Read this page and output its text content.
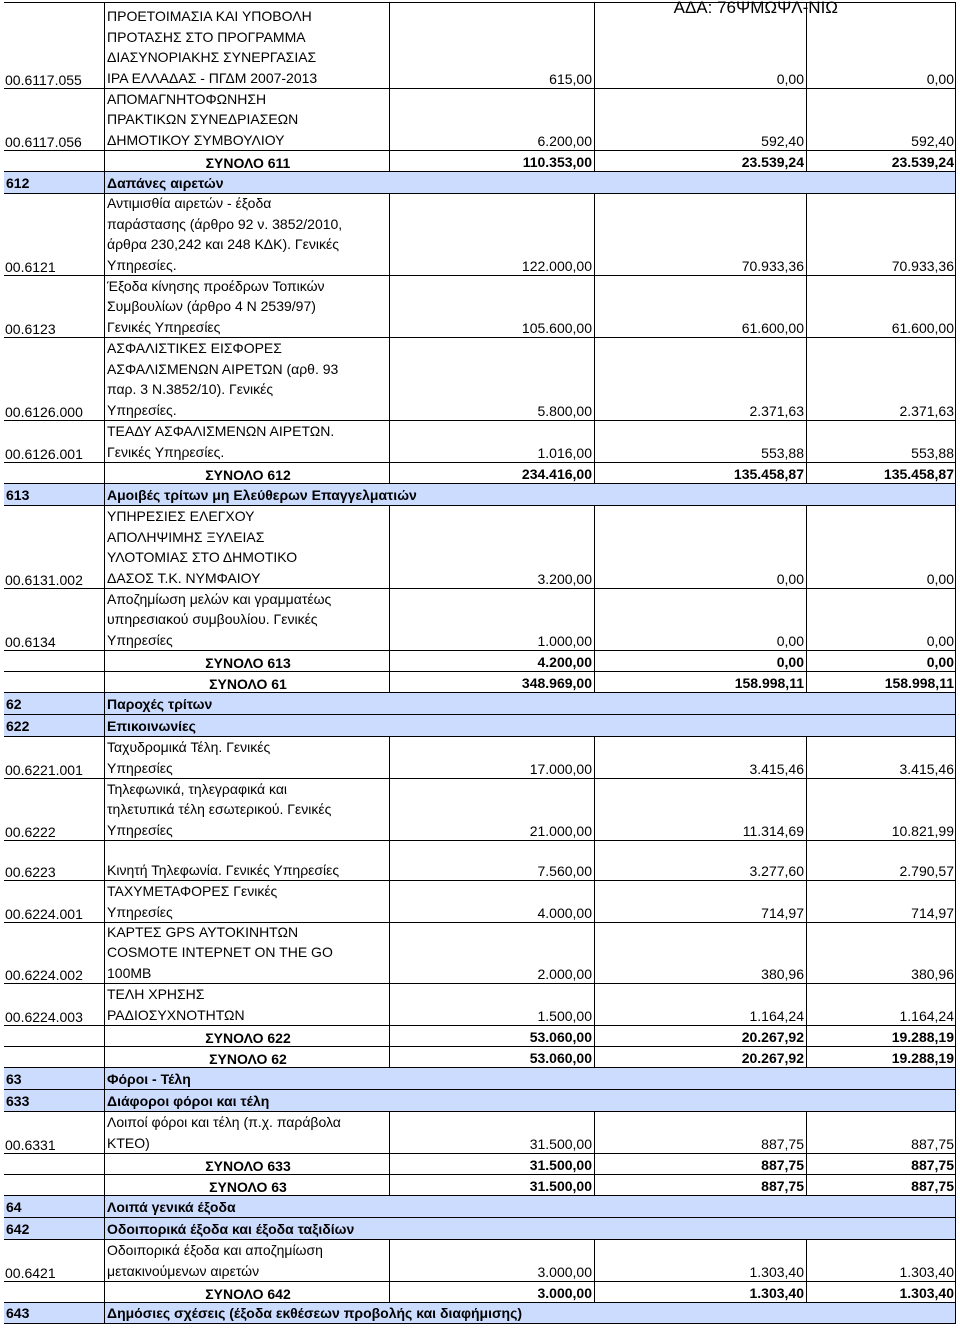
ΑΔΑ: 76ΨΜΩΨΛ-ΝΙΩ
00.6117.055
ΠΡΟΕΤΟΙΜΑΣΙΑ ΚΑΙ ΥΠΟΒΟΛΗ
ΠΡΟΤΑΣΗΣ ΣΤΟ ΠΡΟΓΡΑΜΜΑ
ΔΙΑΣΥΝΟΡΙΑΚΗΣ ΣΥΝΕΡΓΑΣΙΑΣ
ΙΡΑ ΕΛΛΑΔΑΣ - ΠΓΔΜ 2007-2013	615,00	0,00	0,00
00.6117.056
ΑΠΟΜΑΓΝΗΤΟΦΩΝΗΣΗ
ΠΡΑΚΤΙΚΩΝ ΣΥΝΕΔΡΙΑΣΕΩΝ
ΔΗΜΟΤΙΚΟΥ ΣΥΜΒΟΥΛΙΟΥ	6.200,00	592,40	592,40
ΣΥΝΟΛΟ 611	110.353,00	23.539,24	23.539,24
612	Δαπάνες αιρετών
00.6121
Αντιμισθία αιρετών - έξοδα
παράστασης (άρθρο 92 ν. 3852/2010,
άρθρα 230,242 και 248 ΚΔΚ). Γενικές
Υπηρεσίες.	122.000,00	70.933,36	70.933,36
00.6123
Έξοδα κίνησης προέδρων Τοπικών
Συμβουλίων (άρθρο 4 Ν 2539/97)
Γενικές Υπηρεσίες	105.600,00	61.600,00	61.600,00
00.6126.000
ΑΣΦΑΛΙΣΤΙΚΕΣ ΕΙΣΦΟΡΕΣ
ΑΣΦΑΛΙΣΜΕΝΩΝ ΑΙΡΕΤΩΝ (αρθ. 93
παρ. 3 Ν.3852/10). Γενικές
Υπηρεσίες.	5.800,00	2.371,63	2.371,63
00.6126.001
ΤΕΑΔΥ ΑΣΦΑΛΙΣΜΕΝΩΝ ΑΙΡΕΤΩΝ.
Γενικές Υπηρεσίες.	1.016,00	553,88	553,88
ΣΥΝΟΛΟ 612	234.416,00	135.458,87	135.458,87
613	Αμοιβές τρίτων μη Ελεύθερων Επαγγελματιών
00.6131.002
ΥΠΗΡΕΣΙΕΣ ΕΛΕΓΧΟΥ
ΑΠΟΛΗΨΙΜΗΣ ΞΥΛΕΙΑΣ
ΥΛΟΤΟΜΙΑΣ ΣΤΟ ΔΗΜΟΤΙΚΟ
ΔΑΣΟΣ Τ.Κ. ΝΥΜΦΑΙΟΥ	3.200,00	0,00	0,00
00.6134
Αποζημίωση μελών και γραμματέως
υπηρεσιακού συμβουλίου. Γενικές
Υπηρεσίες	1.000,00	0,00	0,00
ΣΥΝΟΛΟ 613	4.200,00	0,00	0,00
ΣΥΝΟΛΟ 61	348.969,00	158.998,11	158.998,11
62	Παροχές τρίτων
622	Επικοινωνίες
00.6221.001
Ταχυδρομικά Τέλη. Γενικές
Υπηρεσίες	17.000,00	3.415,46	3.415,46
00.6222
Τηλεφωνικά, τηλεγραφικά και
τηλετυπικά τέλη εσωτερικού. Γενικές
Υπηρεσίες	21.000,00	11.314,69	10.821,99
00.6223	Κινητή Τηλεφωνία. Γενικές Υπηρεσίες	7.560,00	3.277,60	2.790,57
00.6224.001
ΤΑΧΥΜΕΤΑΦΟΡΕΣ Γενικές
Υπηρεσίες	4.000,00	714,97	714,97
00.6224.002
ΚΑΡΤΕΣ GPS ΑΥΤΟΚΙΝΗΤΩΝ
COSMOTE INTEPNET ON THE GO
100MB	2.000,00	380,96	380,96
00.6224.003
ΤΕΛΗ ΧΡΗΣΗΣ
ΡΑΔΙΟΣΥΧΝΟΤΗΤΩΝ	1.500,00	1.164,24	1.164,24
ΣΥΝΟΛΟ 622	53.060,00	20.267,92	19.288,19
ΣΥΝΟΛΟ 62	53.060,00	20.267,92	19.288,19
63	Φόροι - Τέλη
633	Διάφοροι φόροι και τέλη
00.6331
Λοιποί φόροι και τέλη (π.χ. παράβολα
ΚΤΕΟ)	31.500,00	887,75	887,75
ΣΥΝΟΛΟ 633	31.500,00	887,75	887,75
ΣΥΝΟΛΟ 63	31.500,00	887,75	887,75
64	Λοιπά γενικά έξοδα
642	Οδοιπορικά έξοδα και έξοδα ταξιδίων
00.6421
Οδοιπορικά έξοδα και αποζημίωση
μετακινούμενων αιρετών	3.000,00	1.303,40	1.303,40
ΣΥΝΟΛΟ 642	3.000,00	1.303,40	1.303,40
643	Δημόσιες σχέσεις (έξοδα εκθέσεων προβολής και διαφήμισης)
